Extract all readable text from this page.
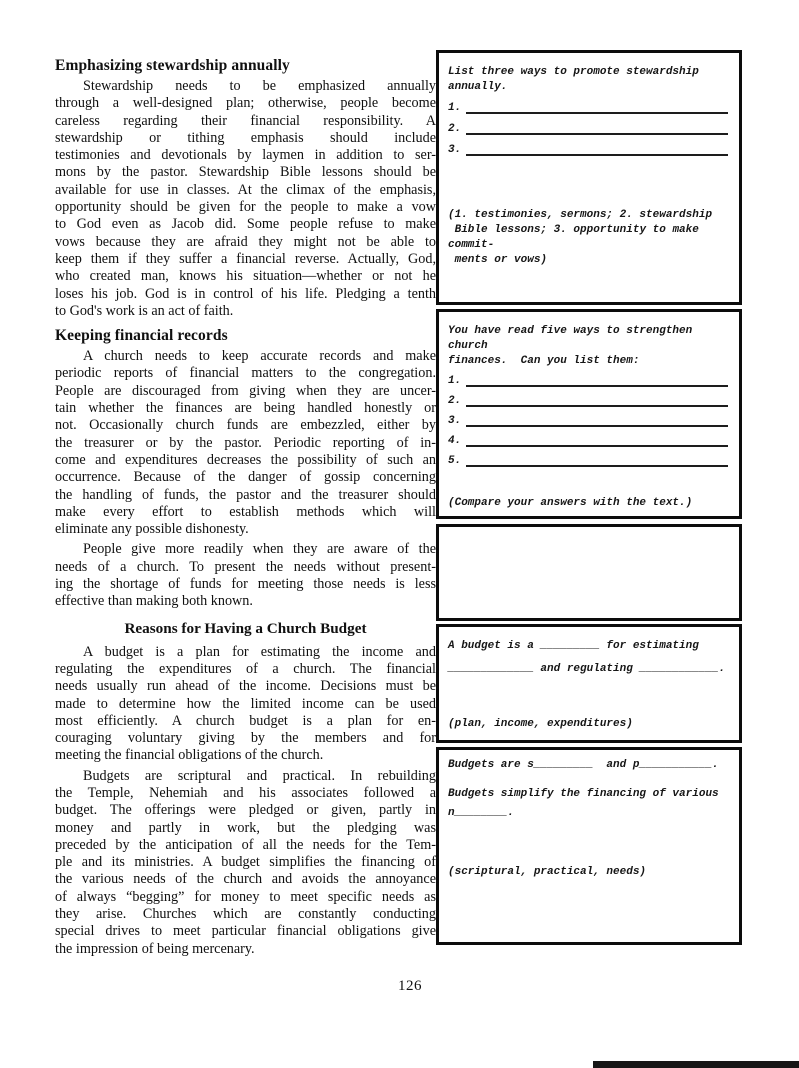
Emphasizing stewardship annually
Stewardship needs to be emphasized annually
through a well-designed plan; otherwise, people become
careless regarding their financial responsibility. A
stewardship or tithing emphasis should include
testimonies and devotionals by laymen in addition to ser-
mons by the pastor. Stewardship Bible lessons should be
available for use in classes. At the climax of the emphasis,
opportunity should be given for the people to make a vow
to God even as Jacob did. Some people refuse to make
vows because they are afraid they might not be able to
keep them if they suffer a financial reverse. Actually, God,
who created man, knows his situation—whether or not he
loses his job. God is in control of his life. Pledging a tenth
to God's work is an act of faith.
Keeping financial records
A church needs to keep accurate records and make
periodic reports of financial matters to the congregation.
People are discouraged from giving when they are uncer-
tain whether the finances are being handled honestly or
not. Occasionally church funds are embezzled, either by
the treasurer or by the pastor. Periodic reporting of in-
come and expenditures decreases the possibility of such an
occurrence. Because of the danger of gossip concerning
the handling of funds, the pastor and the treasurer should
make every effort to establish methods which will
eliminate any possible dishonesty.
People give more readily when they are aware of the
needs of a church. To present the needs without present-
ing the shortage of funds for meeting those needs is less
effective than making both known.
Reasons for Having a Church Budget
A budget is a plan for estimating the income and
regulating the expenditures of a church. The financial
needs usually run ahead of the income. Decisions must be
made to determine how the limited income can be used
most efficiently. A church budget is a plan for en-
couraging voluntary giving by the members and for
meeting the financial obligations of the church.
Budgets are scriptural and practical. In rebuilding
the Temple, Nehemiah and his associates followed a
budget. The offerings were pledged or given, partly in
money and partly in work, but the pledging was
preceded by the anticipation of all the needs for the Tem-
ple and its ministries. A budget simplifies the financing of
the various needs of the church and avoids the annoyance
of always “begging” for money to meet specific needs as
they arise. Churches which are constantly conducting
special drives to meet particular financial obligations give
the impression of being mercenary.
List three ways to promote stewardship
annually.
1.
2.
3.
(1. testimonies, sermons; 2. stewardship
Bible lessons; 3. opportunity to make commit-
ments or vows)
You have read five ways to strengthen church
finances.  Can you list them:
1.
2.
3.
4.
5.
(Compare your answers with the text.)
A budget is a _________ for estimating
_____________ and regulating ____________.
(plan, income, expenditures)
Budgets are s_________  and p___________.
Budgets simplify the financing of various
n________.
(scriptural, practical, needs)
126
